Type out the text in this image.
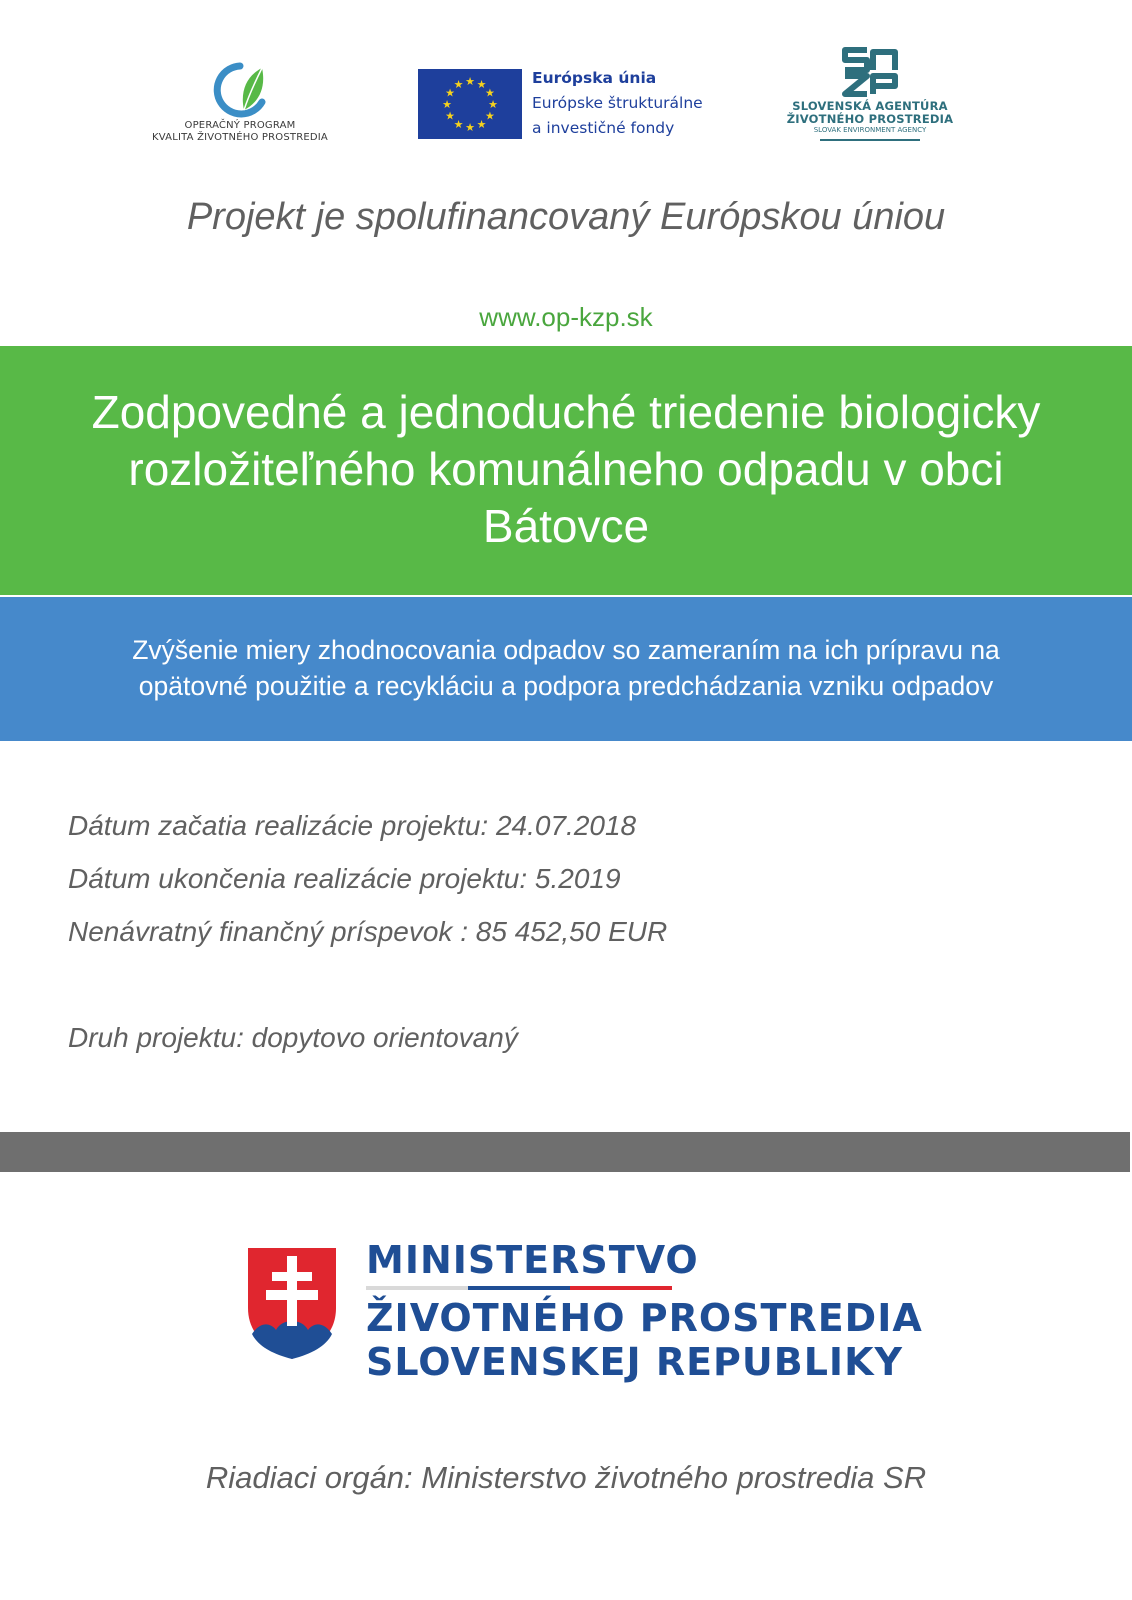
OPERAČNÝ PROGRAM
KVALITA ŽIVOTNÉHO PROSTREDIA
★ ★
★
★
★
★
★
★
★
★
★
★	Európska únia
Európske štrukturálne
a investičné fondy
SLOVENSKÁ AGENTÚRA
ŽIVOTNÉHO PROSTREDIA
SLOVAK ENVIRONMENT AGENCY
Projekt je spolufinancovaný Európskou úniou
www.op-kzp.sk
Zodpovedné a jednoduché triedenie biologicky
rozložiteľného komunálneho odpadu v obci
Bátovce
Zvýšenie miery zhodnocovania odpadov so zameraním na ich prípravu na
opätovné použitie a recykláciu a podpora predchádzania vzniku odpadov
Dátum začatia realizácie projektu: 24.07.2018
Dátum ukončenia realizácie projektu: 5.2019
Nenávratný finančný príspevok : 85 452,50 EUR
Druh projektu: dopytovo orientovaný
MINISTERSTVO
ŽIVOTNÉHO PROSTREDIA
SLOVENSKEJ REPUBLIKY
Riadiaci orgán: Ministerstvo životného prostredia SR
